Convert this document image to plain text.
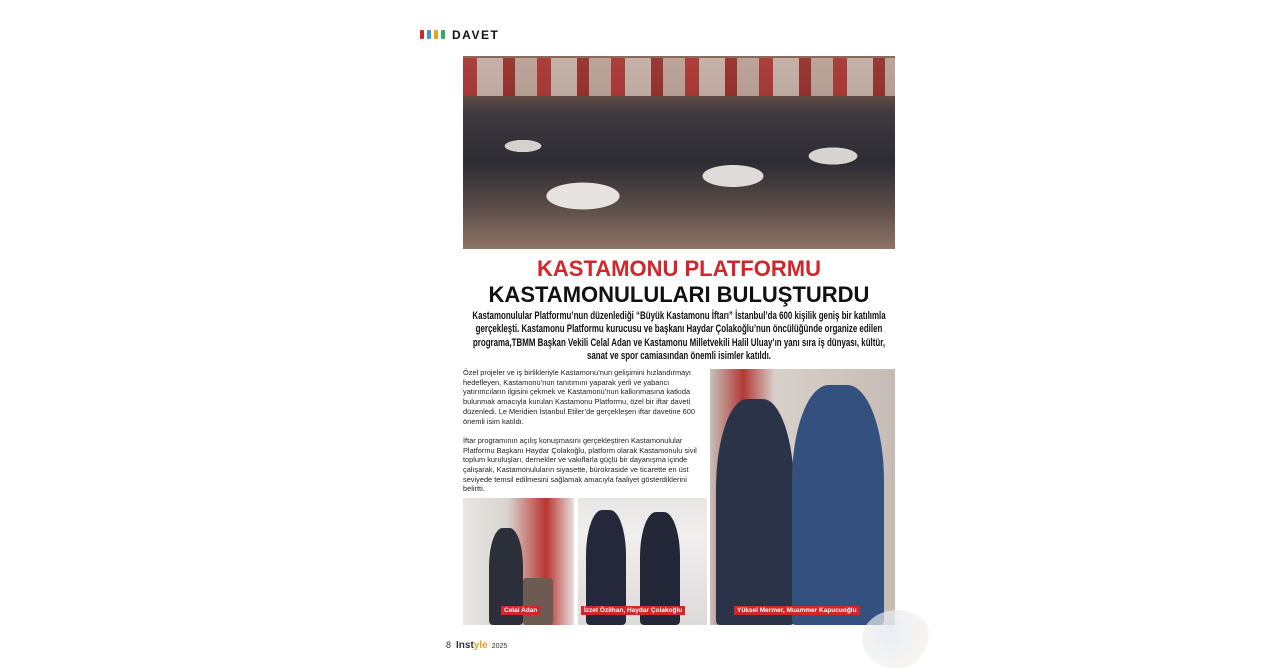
DAVET
KASTAMONU PLATFORMU
KASTAMONULULARI BULUŞTURDU
Kastamonulular Platformu’nun düzenlediği “Büyük Kastamonu İftarı” İstanbul’da 600 kişilik geniş bir katılımla gerçekleşti. Kastamonu Platformu kurucusu ve başkanı Haydar Çolakoğlu’nun öncülüğünde organize edilen programa,TBMM Başkan Vekili Celal Adan ve Kastamonu Milletvekili Halil Uluay’ın yanı sıra iş dünyası, kültür, sanat ve spor camiasından önemli isimler katıldı.

Özel projeler ve iş birlikleriyle Kastamonu’nun gelişimini hızlandırmayı hedefleyen, Kastamonu’nun tanıtımını yaparak yerli ve yabancı yatırımcıların ilgisini çekmek ve Kastamonu’nun kalkınmasına katkıda bulunmak amacıyla kurulan Kastamonu Platformu, özel bir iftar daveti düzenledi. Le Meridien İstanbul Etiler’de gerçekleşen iftar davetine 600 önemli isim katıldı.

İftar programının açılış konuşmasını gerçekleştiren Kastamonulular Platformu Başkanı Haydar Çolakoğlu, platform olarak Kastamonulu sivil toplum kuruluşları, dernekler ve vakıflarla güçlü bir dayanışma içinde çalışarak, Kastamonuluların siyasette, bürokraside ve ticarette en üst seviyede temsil edilmesini sağlamak amacıyla faaliyet gösterdiklerini belirtti.

Celal Adan	İzzet Özilhan, Haydar Çolakoğlu	Yüksel Mermer, Muammer Kapucuoğlu
8 Instyle 2025
